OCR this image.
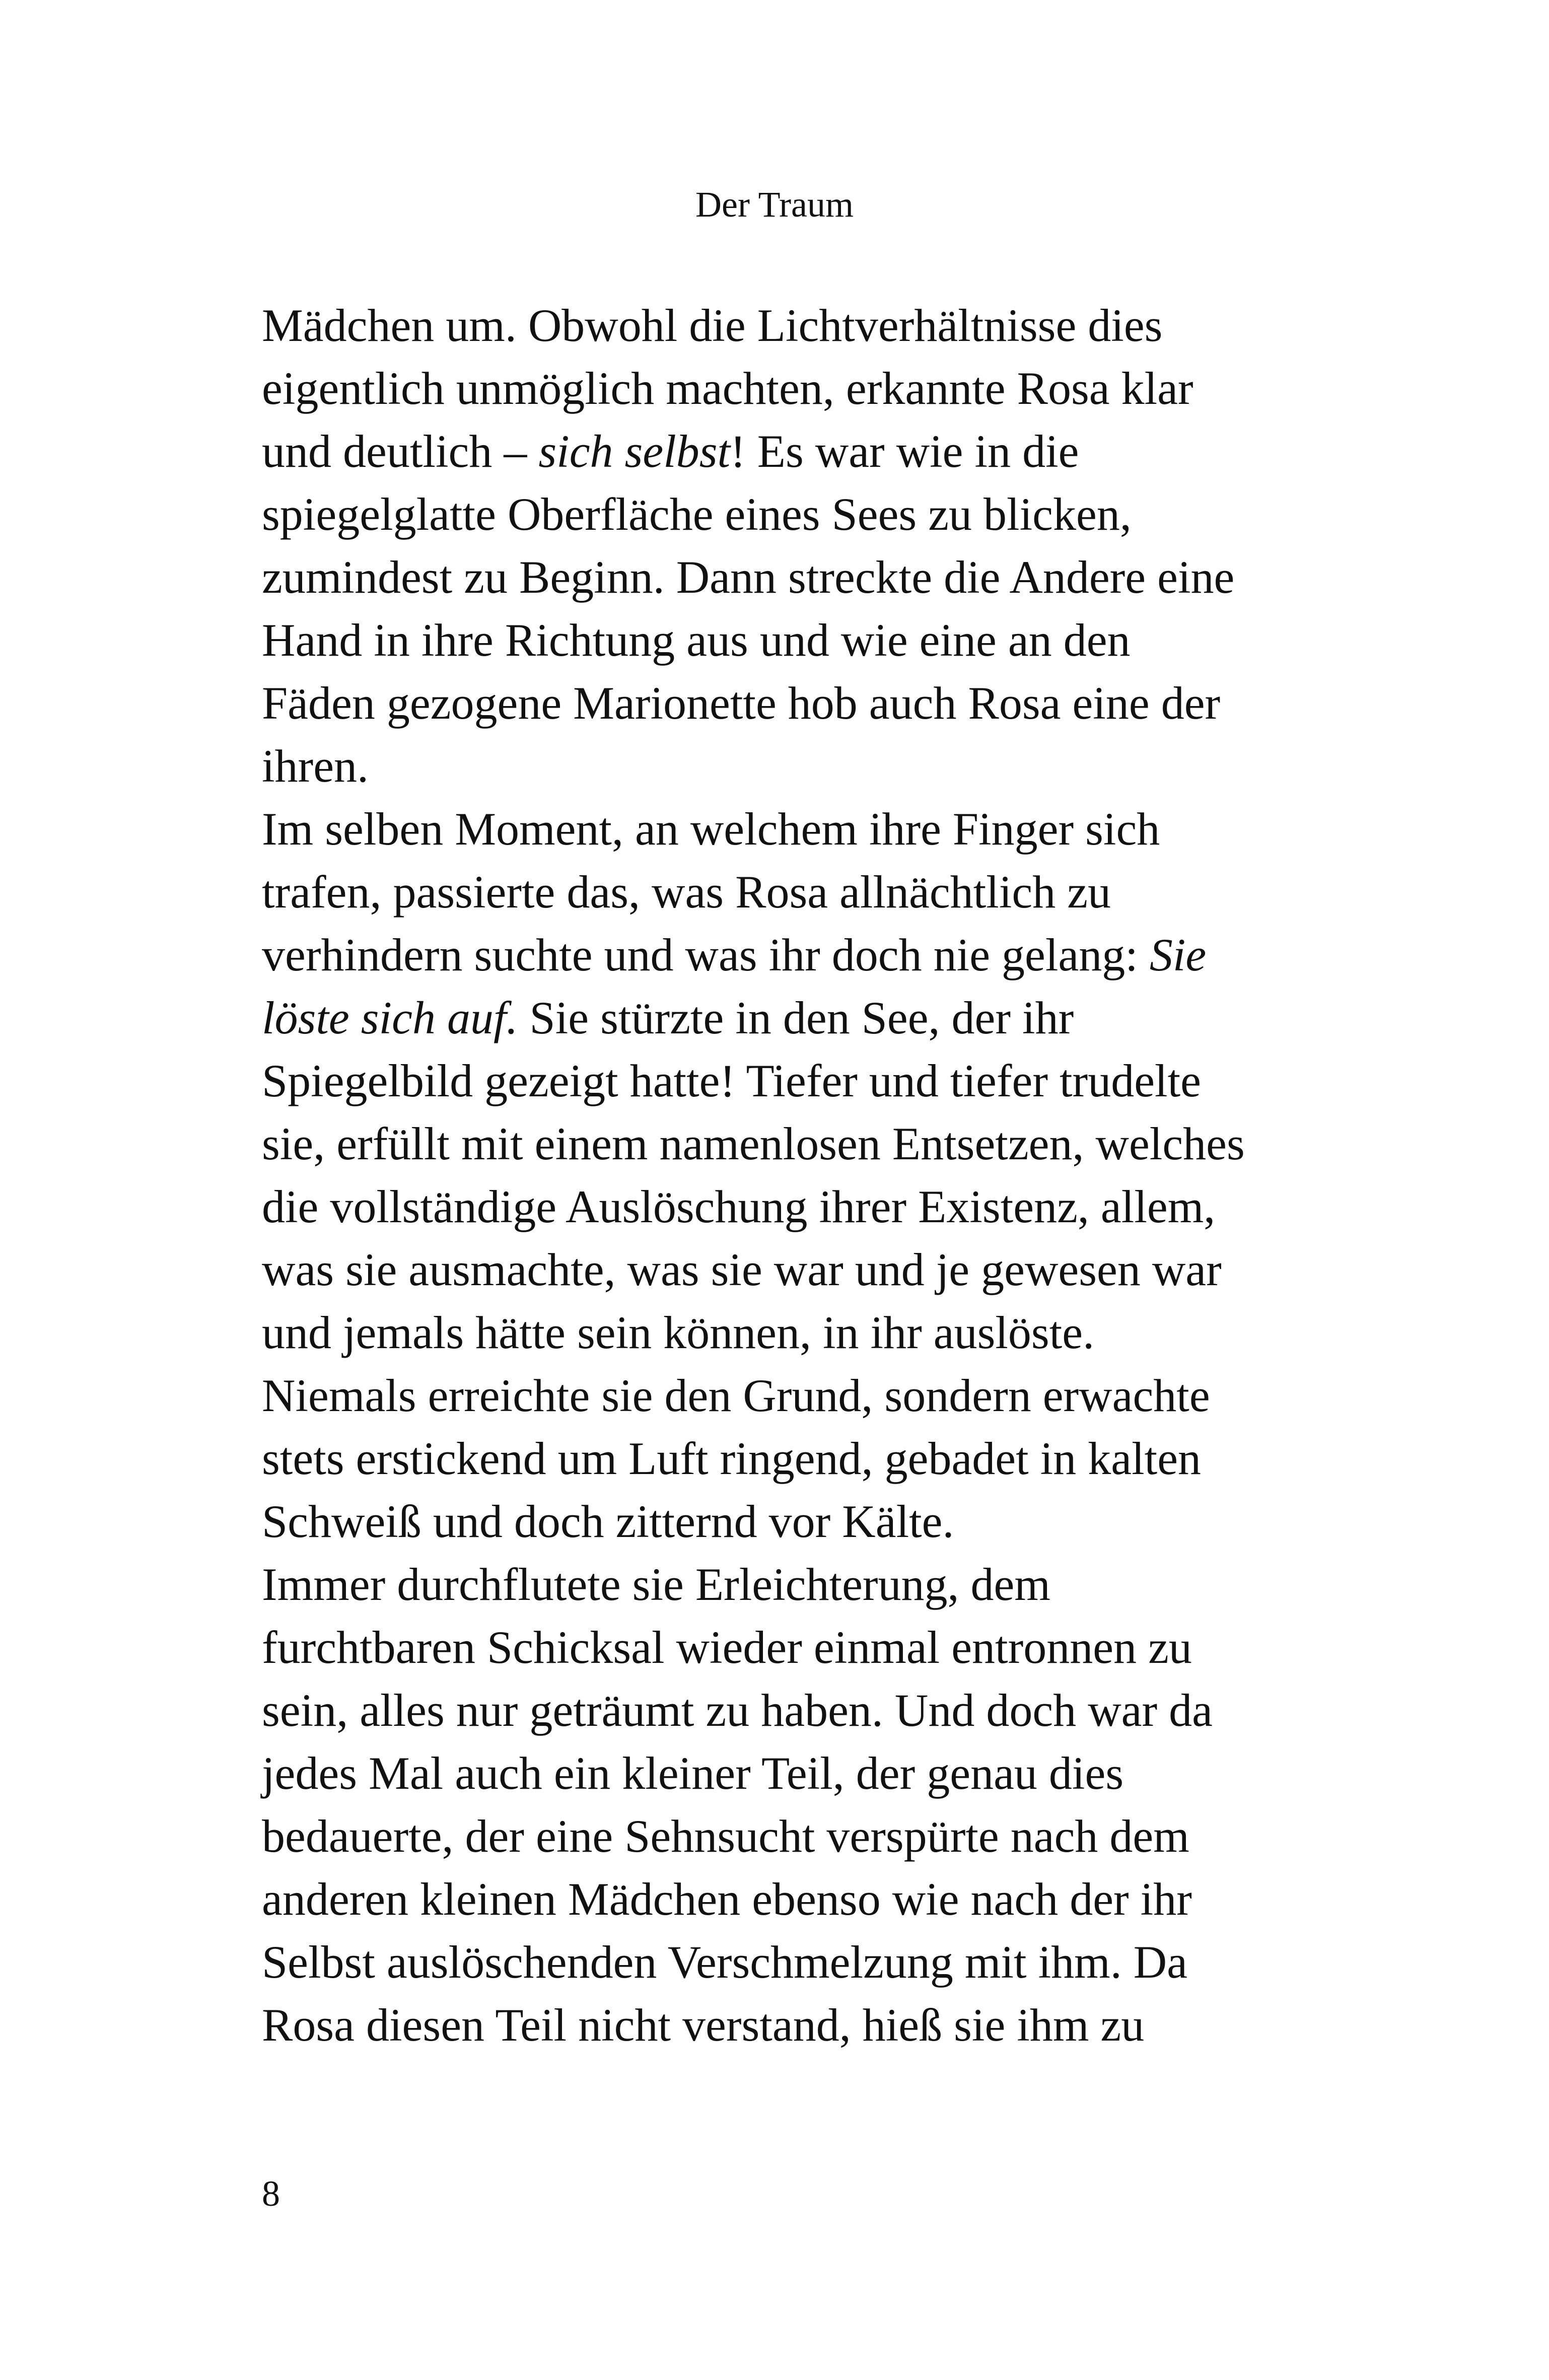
Der Traum
Mädchen um. Obwohl die Lichtverhältnisse dies
eigentlich unmöglich machten, erkannte Rosa klar
und deutlich – sich selbst! Es war wie in die
spiegelglatte Oberfläche eines Sees zu blicken,
zumindest zu Beginn. Dann streckte die Andere eine
Hand in ihre Richtung aus und wie eine an den
Fäden gezogene Marionette hob auch Rosa eine der
ihren.
Im selben Moment, an welchem ihre Finger sich
trafen, passierte das, was Rosa allnächtlich zu
verhindern suchte und was ihr doch nie gelang: Sie
löste sich auf. Sie stürzte in den See, der ihr
Spiegelbild gezeigt hatte! Tiefer und tiefer trudelte
sie, erfüllt mit einem namenlosen Entsetzen, welches
die vollständige Auslöschung ihrer Existenz, allem,
was sie ausmachte, was sie war und je gewesen war
und jemals hätte sein können, in ihr auslöste.
Niemals erreichte sie den Grund, sondern erwachte
stets erstickend um Luft ringend, gebadet in kalten
Schweiß und doch zitternd vor Kälte.
Immer durchflutete sie Erleichterung, dem
furchtbaren Schicksal wieder einmal entronnen zu
sein, alles nur geträumt zu haben. Und doch war da
jedes Mal auch ein kleiner Teil, der genau dies
bedauerte, der eine Sehnsucht verspürte nach dem
anderen kleinen Mädchen ebenso wie nach der ihr
Selbst auslöschenden Verschmelzung mit ihm. Da
Rosa diesen Teil nicht verstand, hieß sie ihm zu
8
